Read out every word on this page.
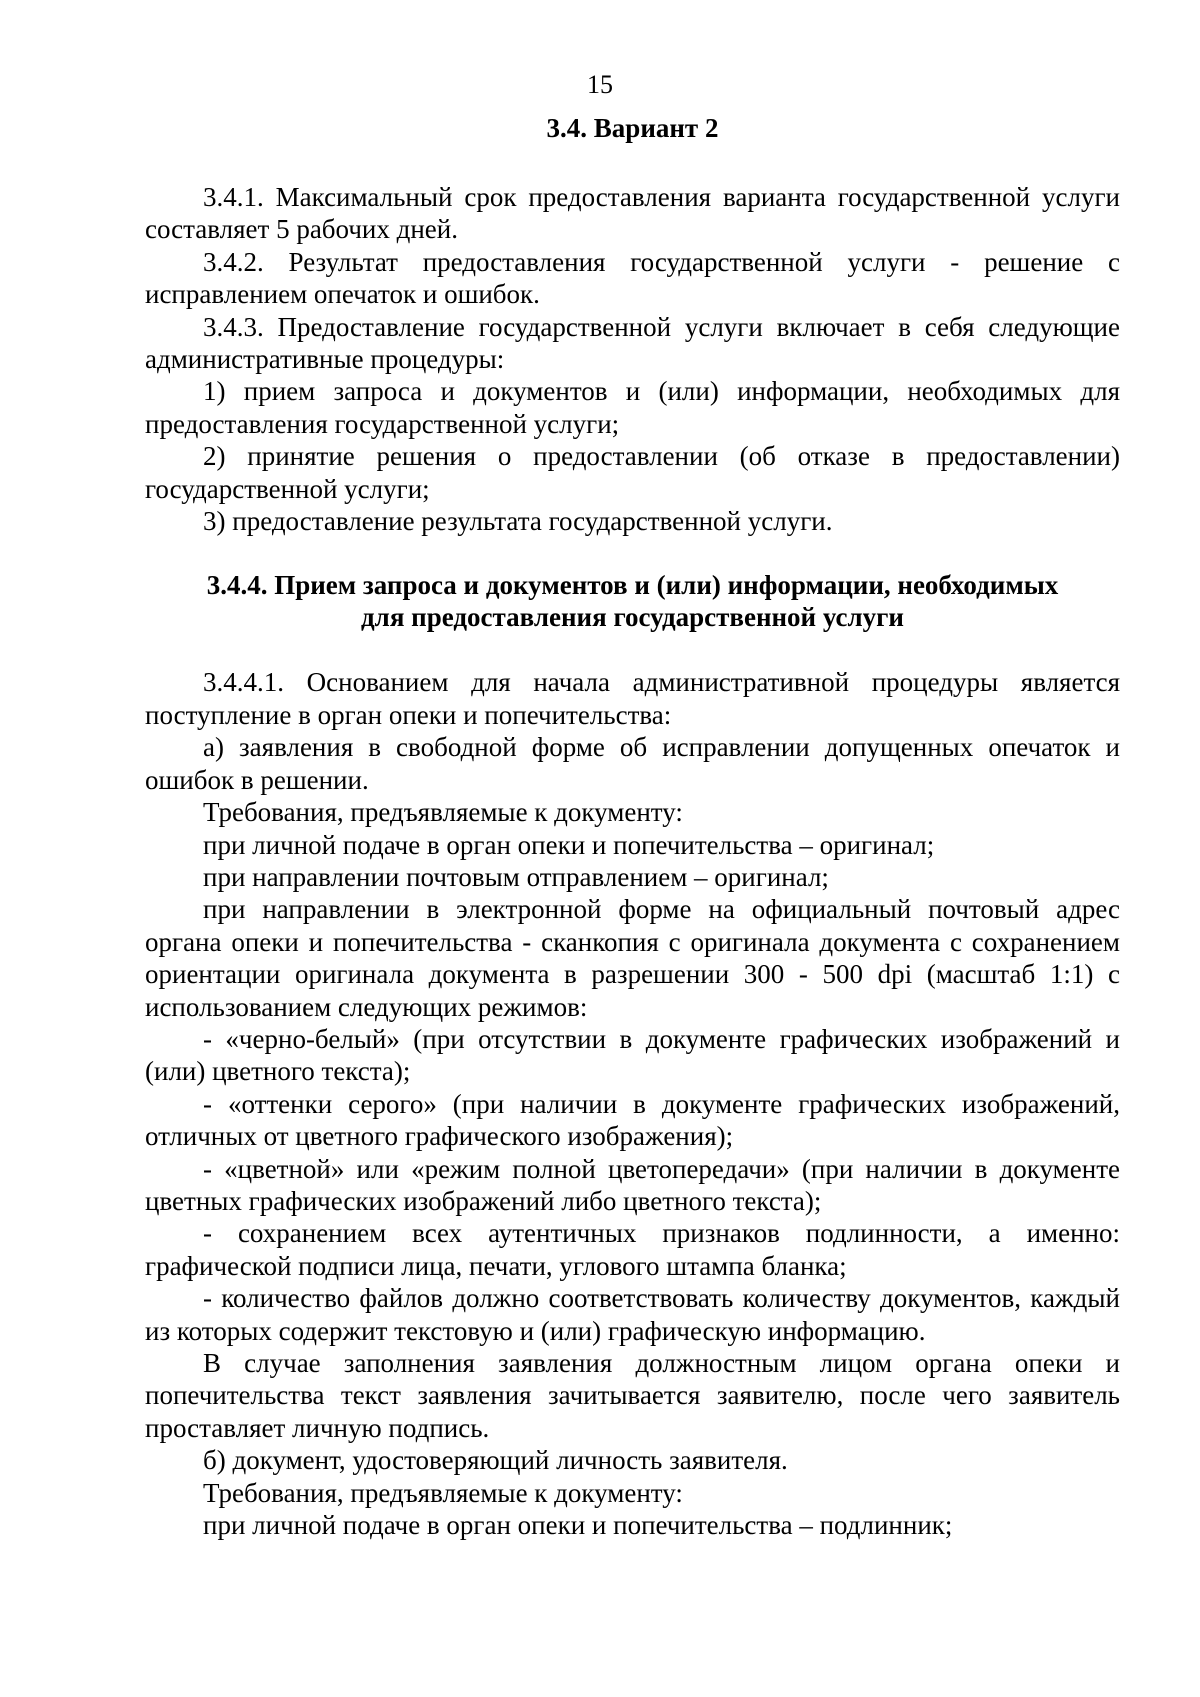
15
3.4. Вариант 2

3.4.1. Максимальный срок предоставления варианта государственной услуги составляет 5 рабочих дней.

3.4.2. Результат предоставления государственной услуги - решение с исправлением опечаток и ошибок.

3.4.3. Предоставление государственной услуги включает в себя следующие административные процедуры:

1) прием запроса и документов и (или) информации, необходимых для предоставления государственной услуги;

2) принятие решения о предоставлении (об отказе в предоставлении) государственной услуги;

3) предоставление результата государственной услуги.

3.4.4. Прием запроса и документов и (или) информации, необходимых
для предоставления государственной услуги

3.4.4.1. Основанием для начала административной процедуры является поступление в орган опеки и попечительства:

а) заявления в свободной форме об исправлении допущенных опечаток и ошибок в решении.

Требования, предъявляемые к документу:

при личной подаче в орган опеки и попечительства – оригинал;

при направлении почтовым отправлением – оригинал;

при направлении в электронной форме на официальный почтовый адрес органа опеки и попечительства - сканкопия с оригинала документа с сохранением ориентации оригинала документа в разрешении 300 - 500 dpi (масштаб 1:1) с использованием следующих режимов:

- «черно-белый» (при отсутствии в документе графических изображений и (или) цветного текста);

- «оттенки серого» (при наличии в документе графических изображений, отличных от цветного графического изображения);

- «цветной» или «режим полной цветопередачи» (при наличии в документе цветных графических изображений либо цветного текста);

- сохранением всех аутентичных признаков подлинности, а именно: графической подписи лица, печати, углового штампа бланка;

- количество файлов должно соответствовать количеству документов, каждый из которых содержит текстовую и (или) графическую информацию.

В случае заполнения заявления должностным лицом органа опеки и попечительства текст заявления зачитывается заявителю, после чего заявитель проставляет личную подпись.

б) документ, удостоверяющий личность заявителя.

Требования, предъявляемые к документу:

при личной подаче в орган опеки и попечительства – подлинник;
